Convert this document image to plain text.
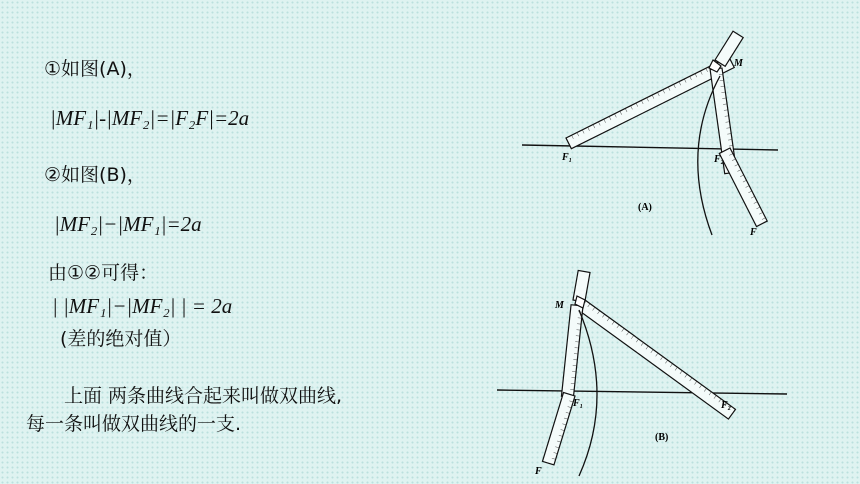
①如图(A)，
|MF₁|-|MF₂|=|F₂F|=2a
②如图(B)，
|MF₂|−|MF₁|=2a
由①②可得：
| |MF₁|−|MF₂| | = 2a
(差的绝对值）
上面 两条曲线合起来叫做双曲线,
每一条叫做双曲线的一支.
M
F₁	F₂
F
(A)
M
F₁	F₂
F
(B)
